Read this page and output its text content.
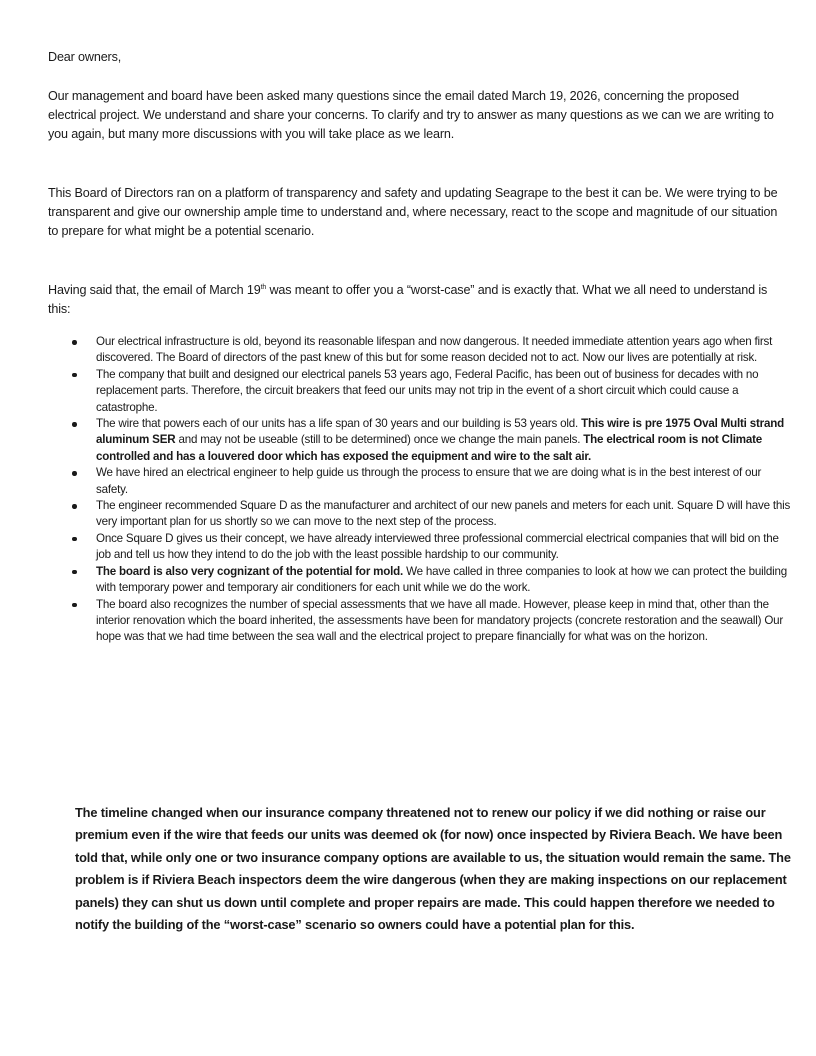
Dear owners,

Our management and board have been asked many questions since the email dated March 19, 2026, concerning the proposed electrical project. We understand and share your concerns. To clarify and try to answer as many questions as we can we are writing to you again, but many more discussions with you will take place as we learn.

This Board of Directors ran on a platform of transparency and safety and updating Seagrape to the best it can be. We were trying to be transparent and give our ownership ample time to understand and, where necessary, react to the scope and magnitude of our situation to prepare for what might be a potential scenario.

Having said that, the email of March 19th was meant to offer you a “worst-case” and is exactly that. What we all need to understand is this:

Our electrical infrastructure is old, beyond its reasonable lifespan and now dangerous. It needed immediate attention years ago when first discovered. The Board of directors of the past knew of this but for some reason decided not to act. Now our lives are potentially at risk.
The company that built and designed our electrical panels 53 years ago, Federal Pacific, has been out of business for decades with no replacement parts. Therefore, the circuit breakers that feed our units may not trip in the event of a short circuit which could cause a catastrophe.
The wire that powers each of our units has a life span of 30 years and our building is 53 years old. This wire is pre 1975 Oval Multi strand aluminum SER and may not be useable (still to be determined) once we change the main panels. The electrical room is not Climate controlled and has a louvered door which has exposed the equipment and wire to the salt air.
We have hired an electrical engineer to help guide us through the process to ensure that we are doing what is in the best interest of our safety.
The engineer recommended Square D as the manufacturer and architect of our new panels and meters for each unit. Square D will have this very important plan for us shortly so we can move to the next step of the process.
Once Square D gives us their concept, we have already interviewed three professional commercial electrical companies that will bid on the job and tell us how they intend to do the job with the least possible hardship to our community.
The board is also very cognizant of the potential for mold. We have called in three companies to look at how we can protect the building with temporary power and temporary air conditioners for each unit while we do the work.
The board also recognizes the number of special assessments that we have all made. However, please keep in mind that, other than the interior renovation which the board inherited, the assessments have been for mandatory projects (concrete restoration and the seawall) Our hope was that we had time between the sea wall and the electrical project to prepare financially for what was on the horizon.

The timeline changed when our insurance company threatened not to renew our policy if we did nothing or raise our premium even if the wire that feeds our units was deemed ok (for now) once inspected by Riviera Beach. We have been told that, while only one or two insurance company options are available to us, the situation would remain the same. The problem is if Riviera Beach inspectors deem the wire dangerous (when they are making inspections on our replacement panels) they can shut us down until complete and proper repairs are made. This could happen therefore we needed to notify the building of the “worst-case” scenario so owners could have a potential plan for this.
